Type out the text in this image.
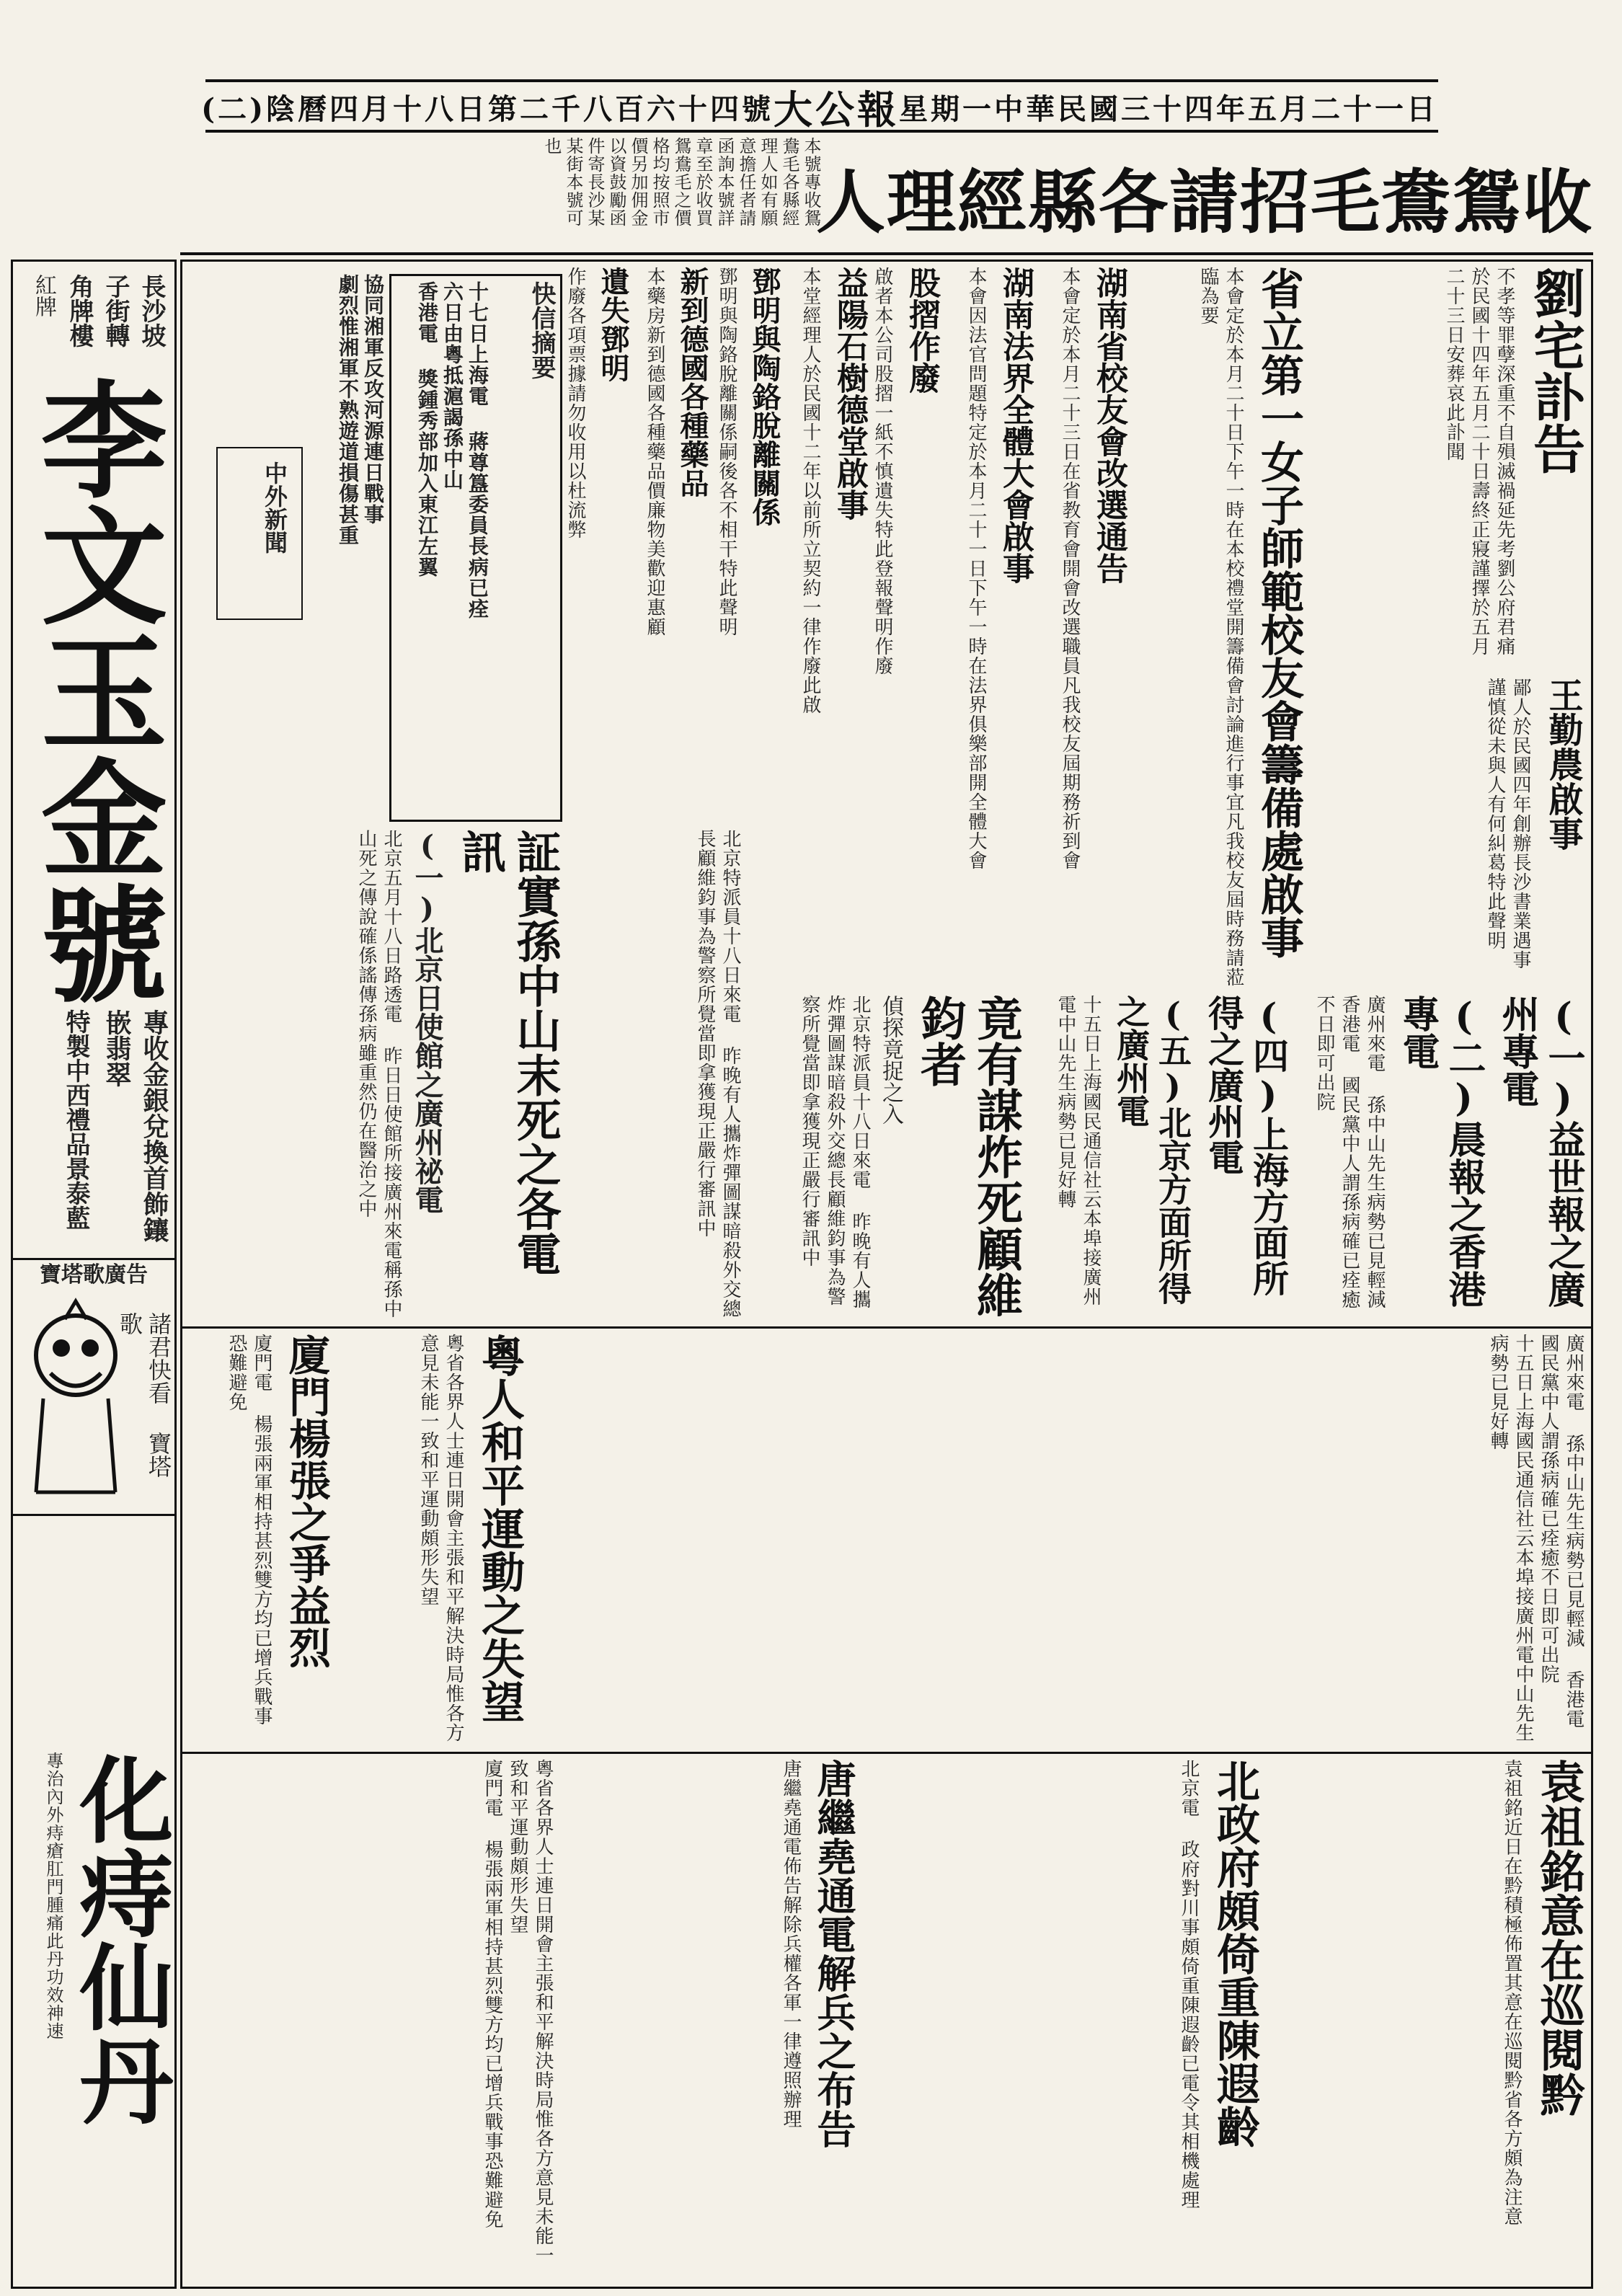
中華民國三十四年五月二十一日
星期一
大公報
第二千八百六十四號
陰曆四月十八日
(二)
收鴛鴦毛招請各縣經理人
本號專收鴛鴦毛各縣經理人如有願意擔任者請函詢本號詳章至於收買鴛鴦毛之價格均按照市價另加佣金以資鼓勵函件寄長沙某某街本號可也
長沙坡子街轉角牌樓
紅牌
李文玉金號
專收金銀兌換首飾鑲嵌翡翠
特製中西禮品景泰藍
寶塔歌廣告
諸君快看 寶塔歌
化痔仙丹
專治內外痔瘡肛門腫痛此丹功效神速
劉宅訃告
不孝等罪孽深重不自殞滅禍延先考劉公府君痛於民國十四年五月二十日壽終正寢謹擇於五月二十三日安葬哀此訃聞
省立第一女子師範校友會籌備處啟事
本會定於本月二十日下午一時在本校禮堂開籌備會討論進行事宜凡我校友屆時務請蒞臨為要
王勤農啟事
鄙人於民國四年創辦長沙書業遇事謹慎從未與人有何糾葛特此聲明
湖南省校友會改選通告
本會定於本月二十三日在省教育會開會改選職員凡我校友屆期務祈到會
湖南法界全體大會啟事
本會因法官問題特定於本月二十一日下午一時在法界俱樂部開全體大會
股摺作廢
啟者本公司股摺一紙不慎遺失特此登報聲明作廢
益陽石樹德堂啟事
本堂經理人於民國十二年以前所立契約一律作廢此啟
鄧明與陶鉻脫離關係
鄧明與陶鉻脫離關係嗣後各不相干特此聲明
新到德國各種藥品
本藥房新到德國各種藥品價廉物美歡迎惠顧
遺失鄧明
作廢各項票據請勿收用以杜流弊
快信摘要
十七日上海電 蔣尊簋委員長病已痊
六日由粵抵滬謁孫中山
香港電 獎鍾秀部加入東江左翼
協同湘軍反攻河源連日戰事
劇烈惟湘軍不熟遊道損傷甚重
中外新聞
証實孫中山末死之各電訊
(一)北京日使館之廣州祕電
北京五月十八日路透電 昨日日使館所接廣州來電稱孫中山死之傳說確係謠傳孫病雖重然仍在醫治之中	竟有謀炸死顧維鈞者
偵探竟捉之入
北京特派員十八日來電 昨晚有人攜炸彈圖謀暗殺外交總長顧維鈞事為警察所覺當即拿獲現正嚴行審訊中
北京特派員十八日來電 昨晚有人攜炸彈圖謀暗殺外交總長顧維鈞事為警察所覺當即拿獲現正嚴行審訊中	(一)益世報之廣州專電
(二)晨報之香港專電
廣州來電 孫中山先生病勢已見輕減 香港電 國民黨中人謂孫病確已痊癒不日即可出院
(四)上海方面所得之廣州電
(五)北京方面所得之廣州電
十五日上海國民通信社云本埠接廣州電中山先生病勢已見好轉
廣州來電 孫中山先生病勢已見輕減 香港電 國民黨中人謂孫病確已痊癒不日即可出院
十五日上海國民通信社云本埠接廣州電中山先生病勢已見好轉
粵人和平運動之失望
粵省各界人士連日開會主張和平解決時局惟各方意見未能一致和平運動頗形失望
廈門楊張之爭益烈
廈門電 楊張兩軍相持甚烈雙方均已增兵戰事恐難避免
袁祖銘意在巡閱黔
袁祖銘近日在黔積極佈置其意在巡閱黔省各方頗為注意
北政府頗倚重陳遐齡
北京電 政府對川事頗倚重陳遐齡已電令其相機處理
唐繼堯通電解兵之布告
唐繼堯通電佈告解除兵權各軍一律遵照辦理
粵省各界人士連日開會主張和平解決時局惟各方意見未能一致和平運動頗形失望
廈門電 楊張兩軍相持甚烈雙方均已增兵戰事恐難避免
